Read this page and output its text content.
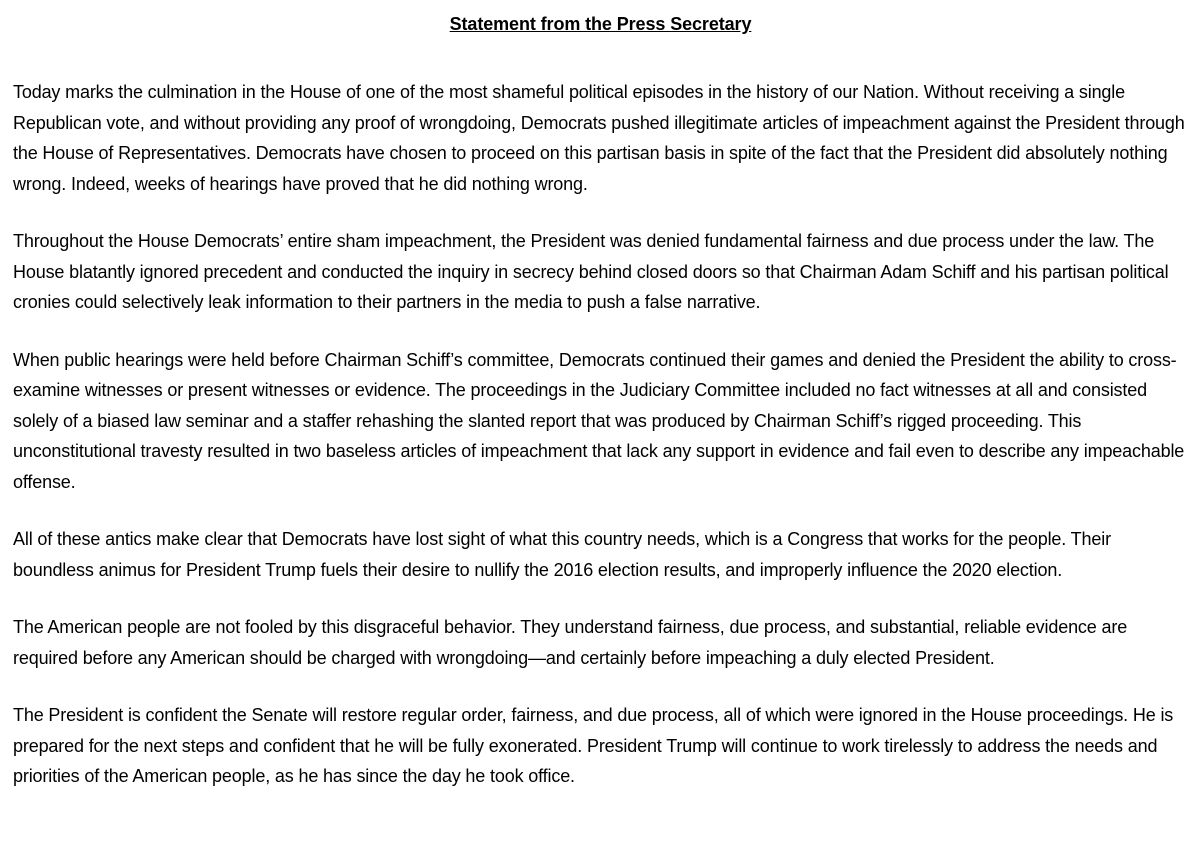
Statement from the Press Secretary
Today marks the culmination in the House of one of the most shameful political episodes in the history of our Nation. Without receiving a single Republican vote, and without providing any proof of wrongdoing, Democrats pushed illegitimate articles of impeachment against the President through the House of Representatives. Democrats have chosen to proceed on this partisan basis in spite of the fact that the President did absolutely nothing wrong. Indeed, weeks of hearings have proved that he did nothing wrong.
Throughout the House Democrats’ entire sham impeachment, the President was denied fundamental fairness and due process under the law. The House blatantly ignored precedent and conducted the inquiry in secrecy behind closed doors so that Chairman Adam Schiff and his partisan political cronies could selectively leak information to their partners in the media to push a false narrative.
When public hearings were held before Chairman Schiff’s committee, Democrats continued their games and denied the President the ability to cross-examine witnesses or present witnesses or evidence. The proceedings in the Judiciary Committee included no fact witnesses at all and consisted solely of a biased law seminar and a staffer rehashing the slanted report that was produced by Chairman Schiff’s rigged proceeding. This unconstitutional travesty resulted in two baseless articles of impeachment that lack any support in evidence and fail even to describe any impeachable offense.
All of these antics make clear that Democrats have lost sight of what this country needs, which is a Congress that works for the people. Their boundless animus for President Trump fuels their desire to nullify the 2016 election results, and improperly influence the 2020 election.
The American people are not fooled by this disgraceful behavior. They understand fairness, due process, and substantial, reliable evidence are required before any American should be charged with wrongdoing—and certainly before impeaching a duly elected President.
The President is confident the Senate will restore regular order, fairness, and due process, all of which were ignored in the House proceedings. He is prepared for the next steps and confident that he will be fully exonerated. President Trump will continue to work tirelessly to address the needs and priorities of the American people, as he has since the day he took office.
